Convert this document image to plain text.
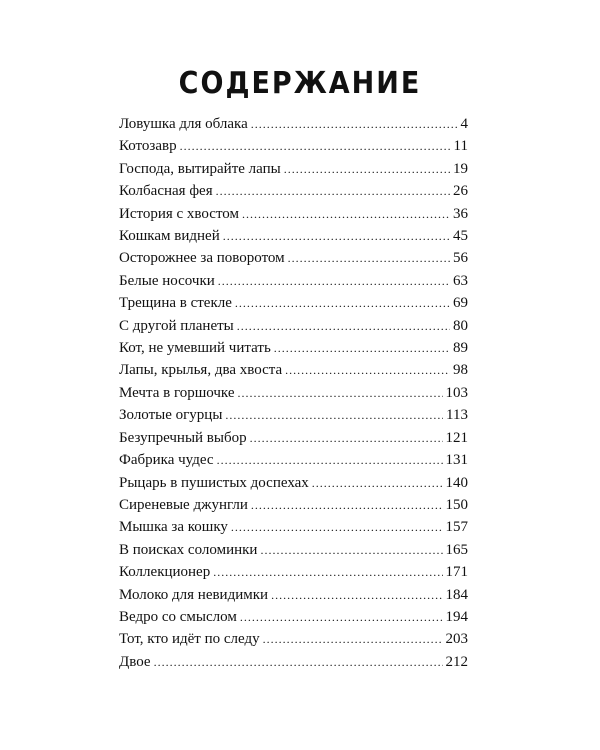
СОДЕРЖАНИЕ
Ловушка для облака .....	4
Котозавр .....	11
Господа, вытирайте лапы .....	19
Колбасная фея .....	26
История с хвостом .....	36
Кошкам видней .....	45
Осторожнее за поворотом .....	56
Белые носочки .....	63
Трещина в стекле .....	69
С другой планеты .....	80
Кот, не умевший читать .....	89
Лапы, крылья, два хвоста .....	98
Мечта в горшочке .....	103
Золотые огурцы .....	113
Безупречный выбор .....	121
Фабрика чудес .....	131
Рыцарь в пушистых доспехах .....	140
Сиреневые джунгли .....	150
Мышка за кошку .....	157
В поисках соломинки .....	165
Коллекционер .....	171
Молоко для невидимки .....	184
Ведро со смыслом .....	194
Тот, кто идёт по следу .....	203
Двое .....	212
